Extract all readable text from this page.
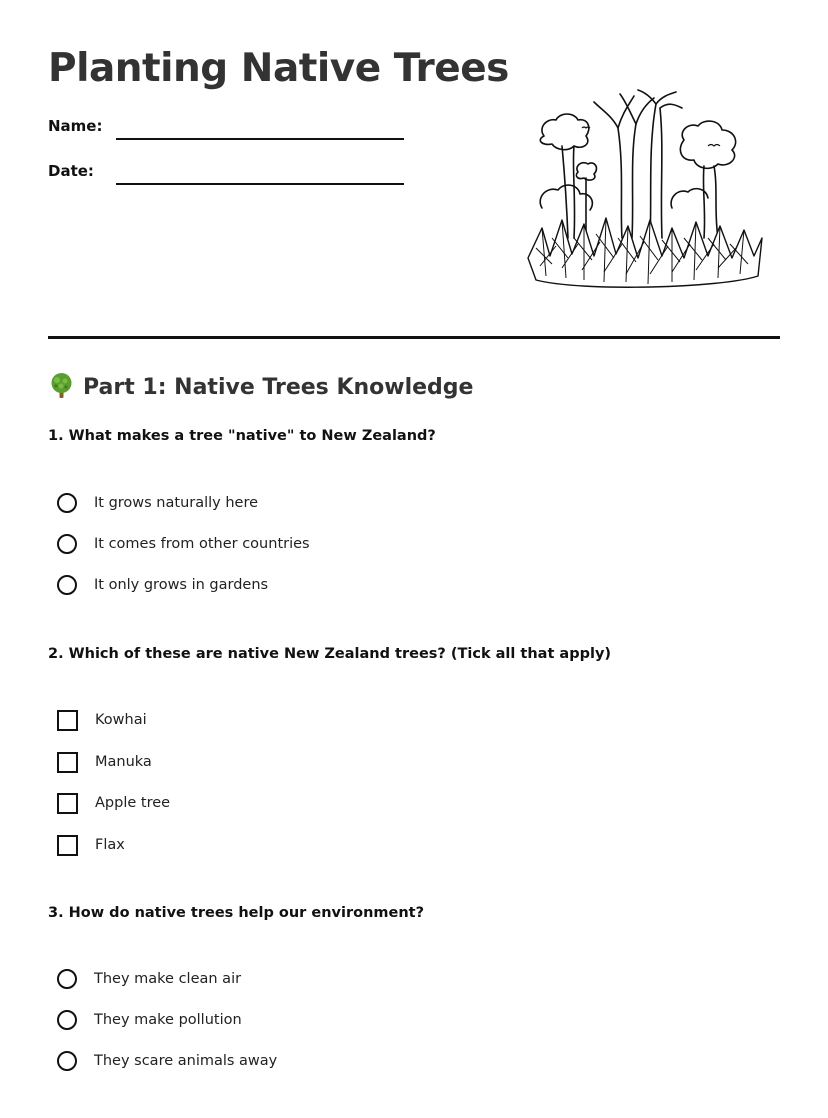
Planting Native Trees
Name:
Date:
Part 1: Native Trees Knowledge
1. What makes a tree "native" to New Zealand?
It grows naturally here
It comes from other countries
It only grows in gardens
2. Which of these are native New Zealand trees? (Tick all that apply)
Kowhai
Manuka
Apple tree
Flax
3. How do native trees help our environment?
They make clean air
They make pollution
They scare animals away
